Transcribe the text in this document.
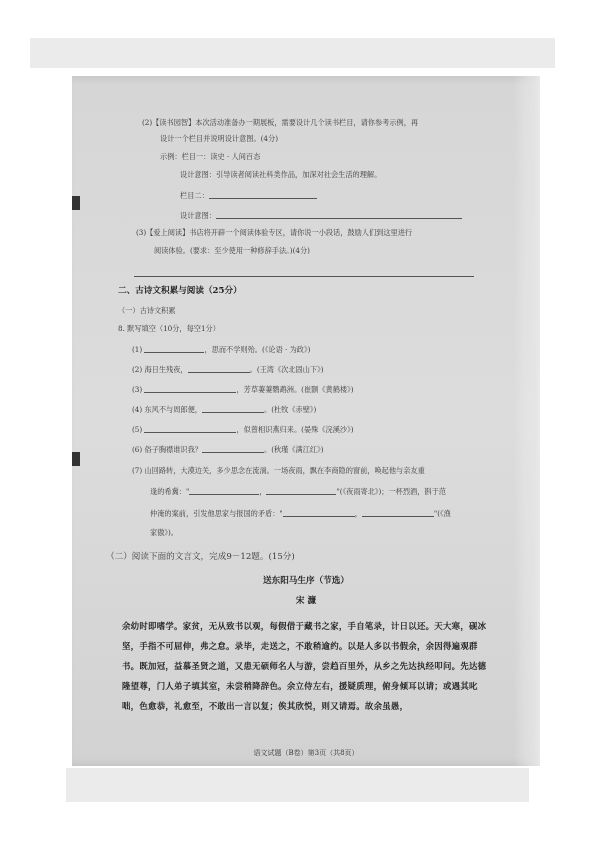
(2)【读书园智】本次活动准备办一期展板，需要设计几个读书栏目，请你参考示例，再
设计一个栏目并说明设计意图。(4分)
示例：栏目一：读史 · 人间百态
设计意图：引导读者阅读社科类作品，加深对社会生活的理解。
栏目二：
设计意图：
(3)【爱上阅读】书店将开辟一个阅读体验专区，请你说一小段话，鼓励人们到这里进行
阅读体验。(要求：至少使用一种修辞手法。)(4分)
二、古诗文积累与阅读（25分）
（一）古诗文积累
8. 默写填空（10分，每空1分）
(1)	，思而不学则殆。(《论语 · 为政》)
(2) 海日生残夜，	。(王湾《次北固山下》)
(3)	，芳草萋萋鹦鹉洲。(崔颢《黄鹤楼》)
(4) 东风不与周郎便，	。(杜牧《赤壁》)
(5)	，似曾相识燕归来。(晏殊《浣溪沙》)
(6) 俗子胸襟谁识我？	。(秋瑾《满江红》)
(7) 山回路转，大漠边关，多少思念在流淌。一场夜雨，飘在李商隐的窗前，唤起他与亲友重
逢的希冀："	，	"(《夜雨寄北》)；一杯烈酒，斟于范
仲淹的案前，引发他思家与报国的矛盾："	，	"(《渔
家傲》)。
（二）阅读下面的文言文，完成9－12题。(15分)
送东阳马生序（节选）
宋 濂
余幼时即嗜学。家贫，无从致书以观，每假借于藏书之家，手自笔录，计日以还。天大寒，砚冰坚，手指不可屈伸，弗之怠。录毕，走送之，不敢稍逾约。以是人多以书假余，余因得遍观群书。既加冠，益慕圣贤之道，又患无硕师名人与游，尝趋百里外，从乡之先达执经叩问。先达德隆望尊，门人弟子填其室，未尝稍降辞色。余立侍左右，援疑质理，俯身倾耳以请；或遇其叱咄，色愈恭，礼愈至，不敢出一言以复；俟其欣悦，则又请焉。故余虽愚，
语文试题（B卷）第3页（共8页）
